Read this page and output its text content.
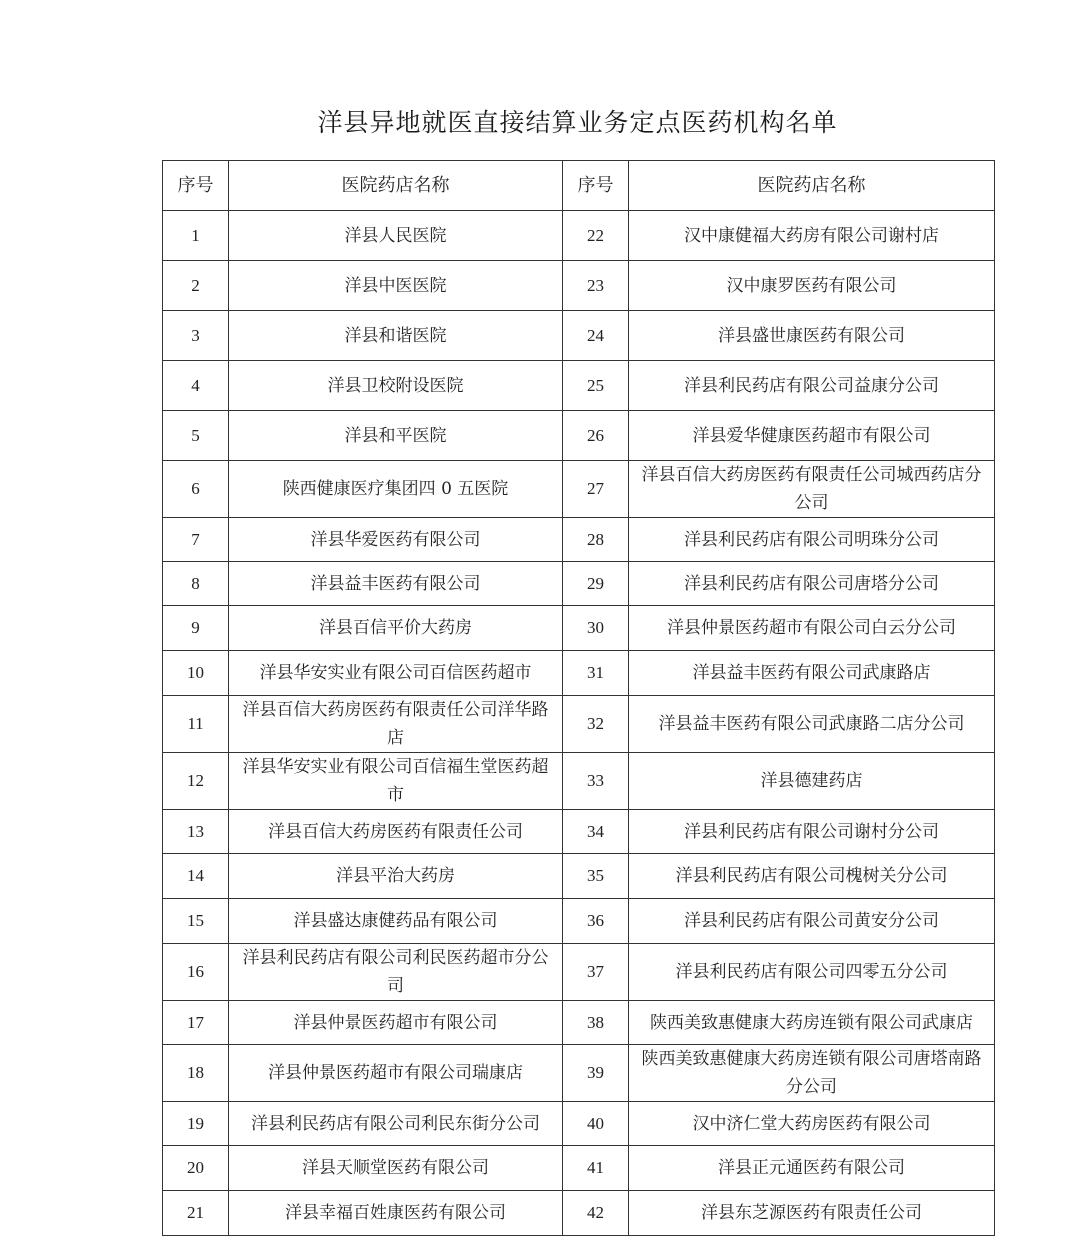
洋县异地就医直接结算业务定点医药机构名单
序号	医院药店名称	序号	医院药店名称
1	洋县人民医院	22	汉中康健福大药房有限公司谢村店
2	洋县中医医院	23	汉中康罗医药有限公司
3	洋县和谐医院	24	洋县盛世康医药有限公司
4	洋县卫校附设医院	25	洋县利民药店有限公司益康分公司
5	洋县和平医院	26	洋县爱华健康医药超市有限公司
6	陕西健康医疗集团四 0 五医院	27	洋县百信大药房医药有限责任公司城西药店分公司
7	洋县华爱医药有限公司	28	洋县利民药店有限公司明珠分公司
8	洋县益丰医药有限公司	29	洋县利民药店有限公司唐塔分公司
9	洋县百信平价大药房	30	洋县仲景医药超市有限公司白云分公司
10	洋县华安实业有限公司百信医药超市	31	洋县益丰医药有限公司武康路店
11	洋县百信大药房医药有限责任公司洋华路店	32	洋县益丰医药有限公司武康路二店分公司
12	洋县华安实业有限公司百信福生堂医药超市	33	洋县德建药店
13	洋县百信大药房医药有限责任公司	34	洋县利民药店有限公司谢村分公司
14	洋县平治大药房	35	洋县利民药店有限公司槐树关分公司
15	洋县盛达康健药品有限公司	36	洋县利民药店有限公司黄安分公司
16	洋县利民药店有限公司利民医药超市分公司	37	洋县利民药店有限公司四零五分公司
17	洋县仲景医药超市有限公司	38	陕西美致惠健康大药房连锁有限公司武康店
18	洋县仲景医药超市有限公司瑞康店	39	陕西美致惠健康大药房连锁有限公司唐塔南路分公司
19	洋县利民药店有限公司利民东街分公司	40	汉中济仁堂大药房医药有限公司
20	洋县天顺堂医药有限公司	41	洋县正元通医药有限公司
21	洋县幸福百姓康医药有限公司	42	洋县东芝源医药有限责任公司
